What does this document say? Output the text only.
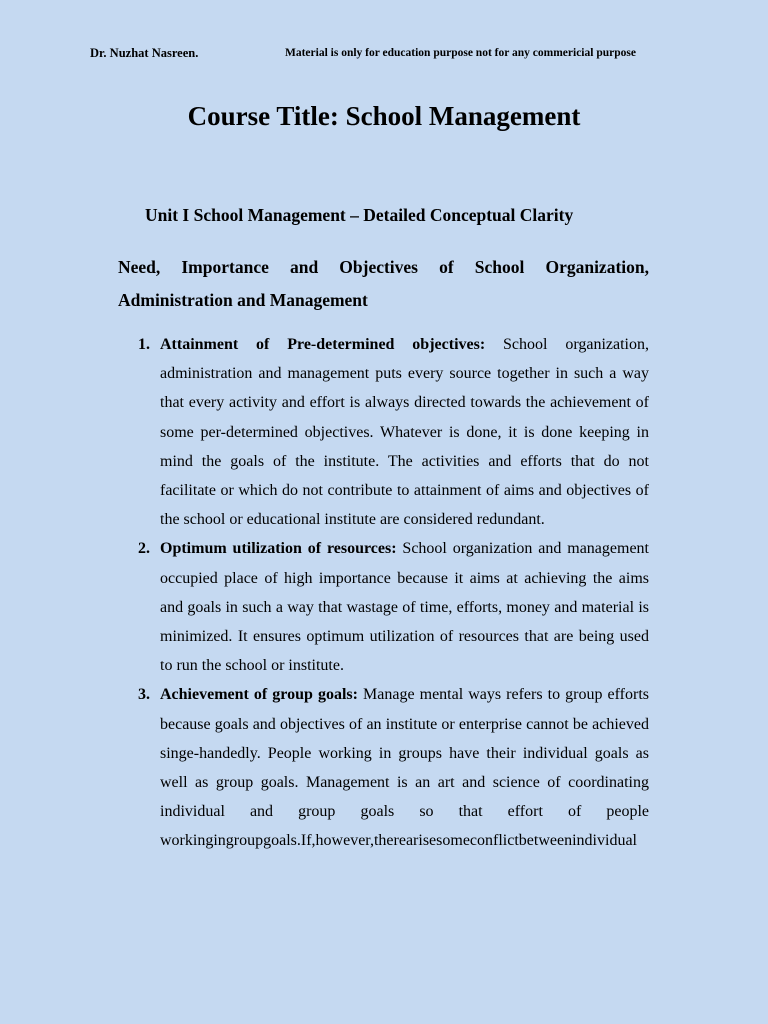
Dr. Nuzhat Nasreen.	Material is only for education purpose not for any commericial purpose
Course Title: School Management
Unit I School Management – Detailed Conceptual Clarity
Need, Importance and Objectives of School Organization, Administration and Management
1. Attainment of Pre-determined objectives: School organization, administration and management puts every source together in such a way that every activity and effort is always directed towards the achievement of some per-determined objectives. Whatever is done, it is done keeping in mind the goals of the institute. The activities and efforts that do not facilitate or which do not contribute to attainment of aims and objectives of the school or educational institute are considered redundant.
2. Optimum utilization of resources: School organization and management occupied place of high importance because it aims at achieving the aims and goals in such a way that wastage of time, efforts, money and material is minimized. It ensures optimum utilization of resources that are being used to run the school or institute.
3. Achievement of group goals: Manage mental ways refers to group efforts because goals and objectives of an institute or enterprise cannot be achieved singe-handedly. People working in groups have their individual goals as well as group goals. Management is an art and science of coordinating individual and group goals so that effort of people workingingroupgoals.If,however,therearisesomeconflictbetweenindividual
